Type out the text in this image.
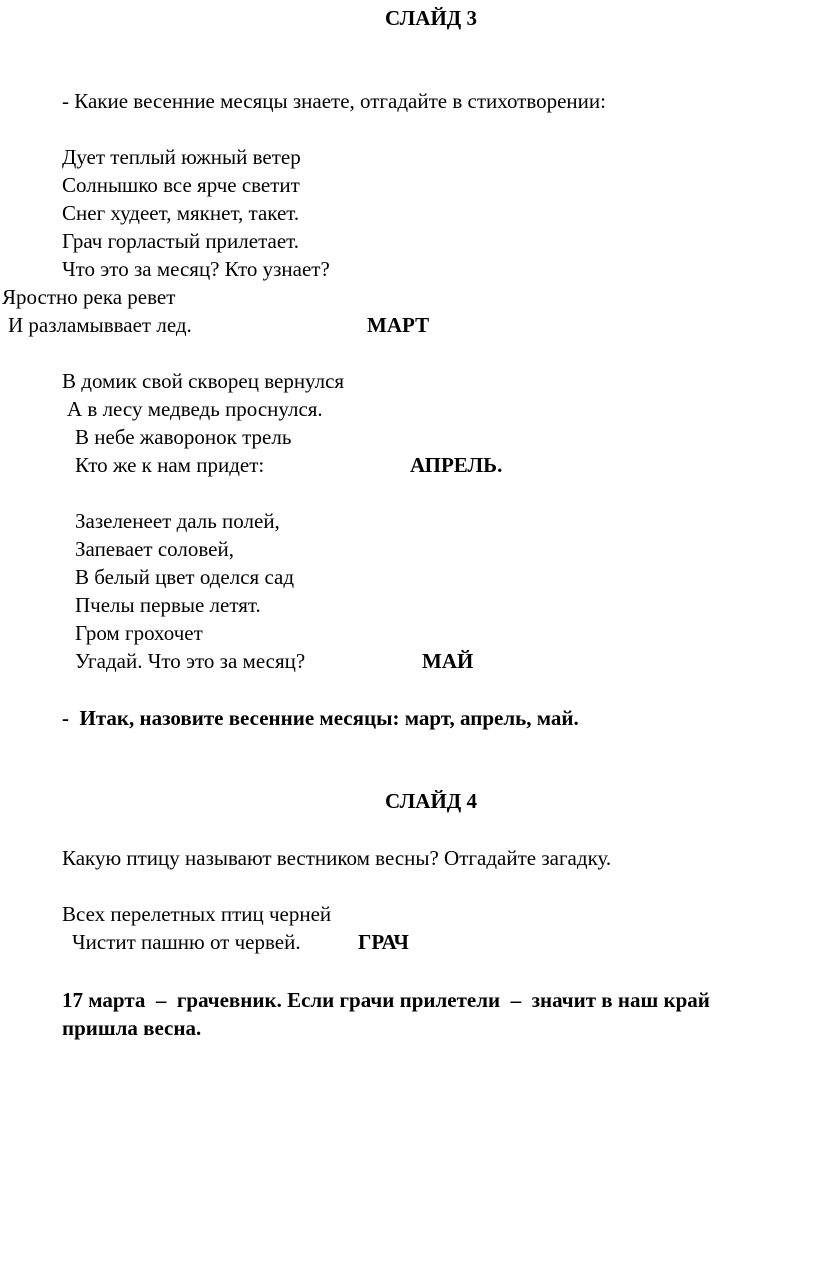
СЛАЙД 3
- Какие весенние месяцы знаете, отгадайте в стихотворении:
Дует теплый южный ветер
Солнышко все ярче светит
Снег худеет, мякнет, такет.
Грач горластый прилетает.
Что это за месяц? Кто узнает?
Яростно река ревет
И разламыввает лед.	МАРТ
В домик свой скворец вернулся
А в лесу медведь проснулся.
В небе жаворонок трель
Кто же к нам придет:	АПРЕЛЬ.
Зазеленеет даль полей,
Запевает соловей,
В белый цвет оделся сад
Пчелы первые летят.
Гром грохочет
Угадай. Что это за месяц?	МАЙ
-  Итак, назовите весенние месяцы: март, апрель, май.
СЛАЙД 4
Какую птицу называют вестником весны? Отгадайте загадку.
Всех перелетных птиц черней
Чистит пашню от червей.	ГРАЧ
17 марта  –  грачевник. Если грачи прилетели  –  значит в наш край
пришла весна.
